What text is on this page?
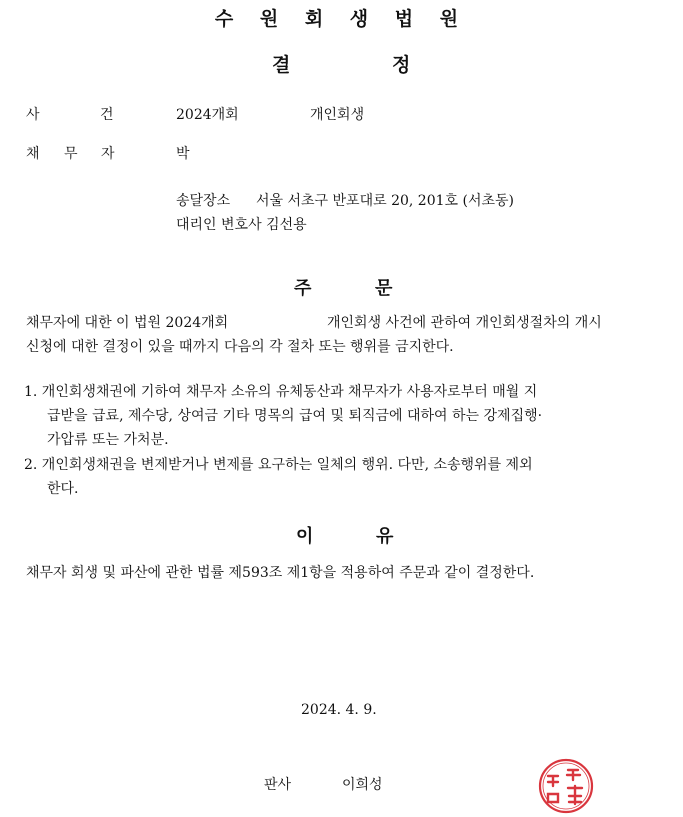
수 원 회 생 법 원
결	정
사	건	2024개회	개인회생
채 무 자	박
송달장소 서울 서초구 반포대로 20, 201호 (서초동)
대리인 변호사 김선용
주	문
채무자에 대한 이 법원 2024개회	개인회생 사건에 관하여 개인회생절차의 개시
신청에 대한 결정이 있을 때까지 다음의 각 절차 또는 행위를 금지한다.
1. 개인회생채권에 기하여 채무자 소유의 유체동산과 채무자가 사용자로부터 매월 지
급받을 급료, 제수당, 상여금 기타 명목의 급여 및 퇴직금에 대하여 하는 강제집행·
가압류 또는 가처분.
2. 개인회생채권을 변제받거나 변제를 요구하는 일체의 행위. 다만, 소송행위를 제외
한다.
이	유
채무자 회생 및 파산에 관한 법률 제593조 제1항을 적용하여 주문과 같이 결정한다.
2024. 4. 9.
판사	이희성
